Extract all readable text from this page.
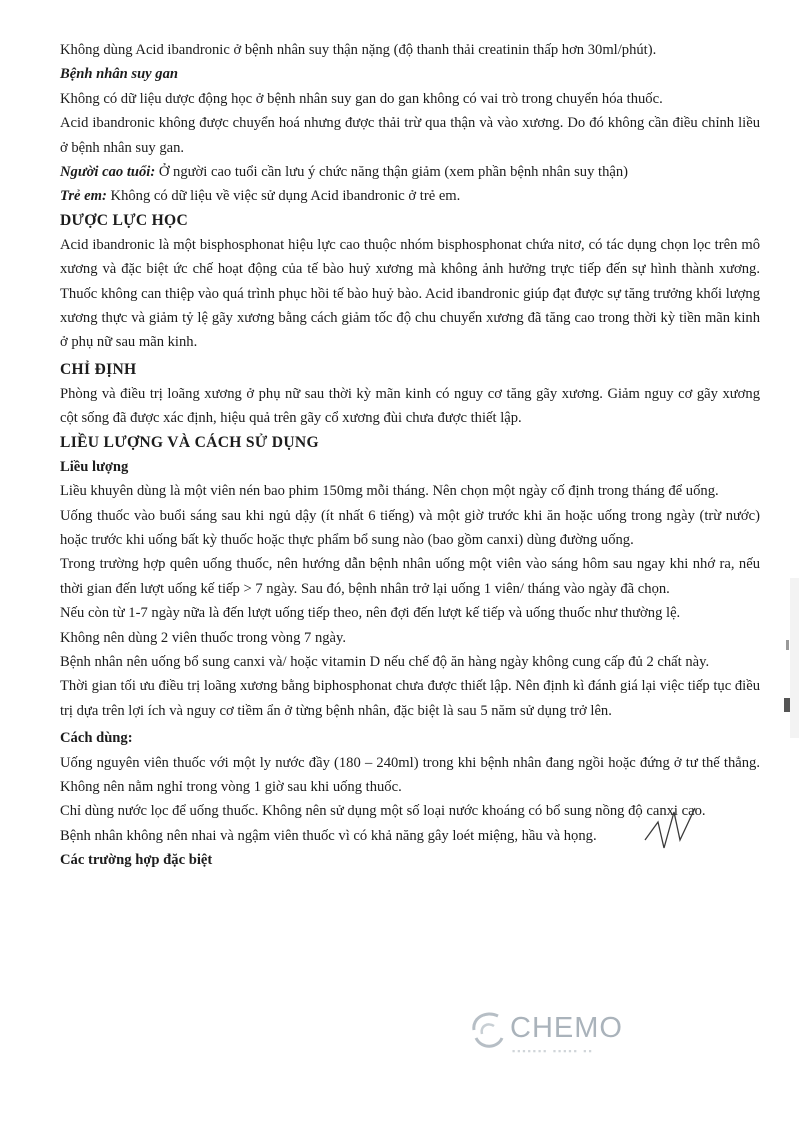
Không dùng Acid ibandronic ở bệnh nhân suy thận nặng (độ thanh thải creatinin thấp hơn 30ml/phút).

Bệnh nhân suy gan

Không có dữ liệu dược động học ở bệnh nhân suy gan do gan không có vai trò trong chuyển hóa thuốc.

Acid ibandronic không được chuyển hoá nhưng được thải trừ qua thận và vào xương. Do đó không cần điều chỉnh liều ở bệnh nhân suy gan.

Người cao tuổi: Ở người cao tuổi cần lưu ý chức năng thận giảm (xem phần bệnh nhân suy thận)

Trẻ em: Không có dữ liệu về việc sử dụng Acid ibandronic ở trẻ em.

DƯỢC LỰC HỌC

Acid ibandronic là một bisphosphonat hiệu lực cao thuộc nhóm bisphosphonat chứa nitơ, có tác dụng chọn lọc trên mô xương và đặc biệt ức chế hoạt động của tế bào huỷ xương mà không ảnh hưởng trực tiếp đến sự hình thành xương. Thuốc không can thiệp vào quá trình phục hồi tế bào huỷ bào. Acid ibandronic giúp đạt được sự tăng trưởng khối lượng xương thực và giảm tỷ lệ gãy xương bằng cách giảm tốc độ chu chuyển xương đã tăng cao trong thời kỳ tiền mãn kinh ở phụ nữ sau mãn kinh.

CHỈ ĐỊNH

Phòng và điều trị loãng xương ở phụ nữ sau thời kỳ mãn kinh có nguy cơ tăng gãy xương. Giảm nguy cơ gãy xương cột sống đã được xác định, hiệu quả trên gãy cổ xương đùi chưa được thiết lập.

LIỀU LƯỢNG VÀ CÁCH SỬ DỤNG

Liều lượng

Liều khuyên dùng là một viên nén bao phim 150mg mỗi tháng. Nên chọn một ngày cố định trong tháng để uống.

Uống thuốc vào buổi sáng sau khi ngủ dậy (ít nhất 6 tiếng) và một giờ trước khi ăn hoặc uống trong ngày (trừ nước) hoặc trước khi uống bất kỳ thuốc hoặc thực phẩm bổ sung nào (bao gồm canxi) dùng đường uống.

Trong trường hợp quên uống thuốc, nên hướng dẫn bệnh nhân uống một viên vào sáng hôm sau ngay khi nhớ ra, nếu thời gian đến lượt uống kế tiếp > 7 ngày. Sau đó, bệnh nhân trở lại uống 1 viên/ tháng vào ngày đã chọn.

Nếu còn từ 1-7 ngày nữa là đến lượt uống tiếp theo, nên đợi đến lượt kế tiếp và uống thuốc như thường lệ.

Không nên dùng 2 viên thuốc trong vòng 7 ngày.

Bệnh nhân nên uống bổ sung canxi và/ hoặc vitamin D nếu chế độ ăn hàng ngày không cung cấp đủ 2 chất này.

Thời gian tối ưu điều trị loãng xương bằng biphosphonat chưa được thiết lập. Nên định kì đánh giá lại việc tiếp tục điều trị dựa trên lợi ích và nguy cơ tiềm ẩn ở từng bệnh nhân, đặc biệt là sau 5 năm sử dụng trở lên.

Cách dùng:

Uống nguyên viên thuốc với một ly nước đầy (180 – 240ml) trong khi bệnh nhân đang ngồi hoặc đứng ở tư thế thẳng. Không nên nằm nghỉ trong vòng 1 giờ sau khi uống thuốc.

Chỉ dùng nước lọc để uống thuốc. Không nên sử dụng một số loại nước khoáng có bổ sung nồng độ canxi cao.

Bệnh nhân không nên nhai và ngậm viên thuốc vì có khả năng gây loét miệng, hầu và họng.

Các trường hợp đặc biệt

CHEMO
▪▪▪▪▪▪▪ ▪▪▪▪▪ ▪▪
